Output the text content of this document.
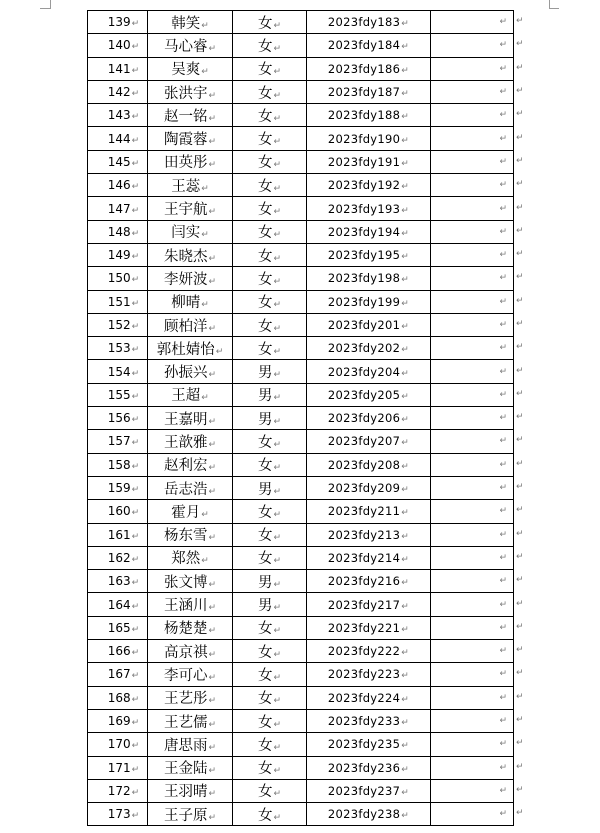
139↵	韩笑↵	女↵	2023fdy183↵	↵

140↵	马心睿↵	女↵	2023fdy184↵	↵

141↵	吴爽↵	女↵	2023fdy186↵	↵

142↵	张洪宇↵	女↵	2023fdy187↵	↵

143↵	赵一铭↵	女↵	2023fdy188↵	↵

144↵	陶霞蓉↵	女↵	2023fdy190↵	↵

145↵	田英彤↵	女↵	2023fdy191↵	↵

146↵	王蕊↵	女↵	2023fdy192↵	↵

147↵	王宇航↵	女↵	2023fdy193↵	↵

148↵	闫实↵	女↵	2023fdy194↵	↵

149↵	朱晓杰↵	女↵	2023fdy195↵	↵

150↵	李妍波↵	女↵	2023fdy198↵	↵

151↵	柳晴↵	女↵	2023fdy199↵	↵

152↵	顾柏洋↵	女↵	2023fdy201↵	↵

153↵	郭杜婧怡↵	女↵	2023fdy202↵	↵

154↵	孙振兴↵	男↵	2023fdy204↵	↵

155↵	王超↵	男↵	2023fdy205↵	↵

156↵	王嘉明↵	男↵	2023fdy206↵	↵

157↵	王歆雅↵	女↵	2023fdy207↵	↵

158↵	赵利宏↵	女↵	2023fdy208↵	↵

159↵	岳志浩↵	男↵	2023fdy209↵	↵

160↵	霍月↵	女↵	2023fdy211↵	↵

161↵	杨东雪↵	女↵	2023fdy213↵	↵

162↵	郑然↵	女↵	2023fdy214↵	↵

163↵	张文博↵	男↵	2023fdy216↵	↵

164↵	王涵川↵	男↵	2023fdy217↵	↵

165↵	杨楚楚↵	女↵	2023fdy221↵	↵

166↵	高京祺↵	女↵	2023fdy222↵	↵

167↵	李可心↵	女↵	2023fdy223↵	↵

168↵	王艺彤↵	女↵	2023fdy224↵	↵

169↵	王艺儒↵	女↵	2023fdy233↵	↵

170↵	唐思雨↵	女↵	2023fdy235↵	↵

171↵	王金陆↵	女↵	2023fdy236↵	↵

172↵	王羽晴↵	女↵	2023fdy237↵	↵

173↵	王子原↵	女↵	2023fdy238↵	↵
↵
↵
↵
↵
↵
↵
↵
↵
↵
↵
↵
↵
↵
↵
↵
↵
↵
↵
↵
↵
↵
↵
↵
↵
↵
↵
↵
↵
↵
↵
↵
↵
↵
↵
↵
